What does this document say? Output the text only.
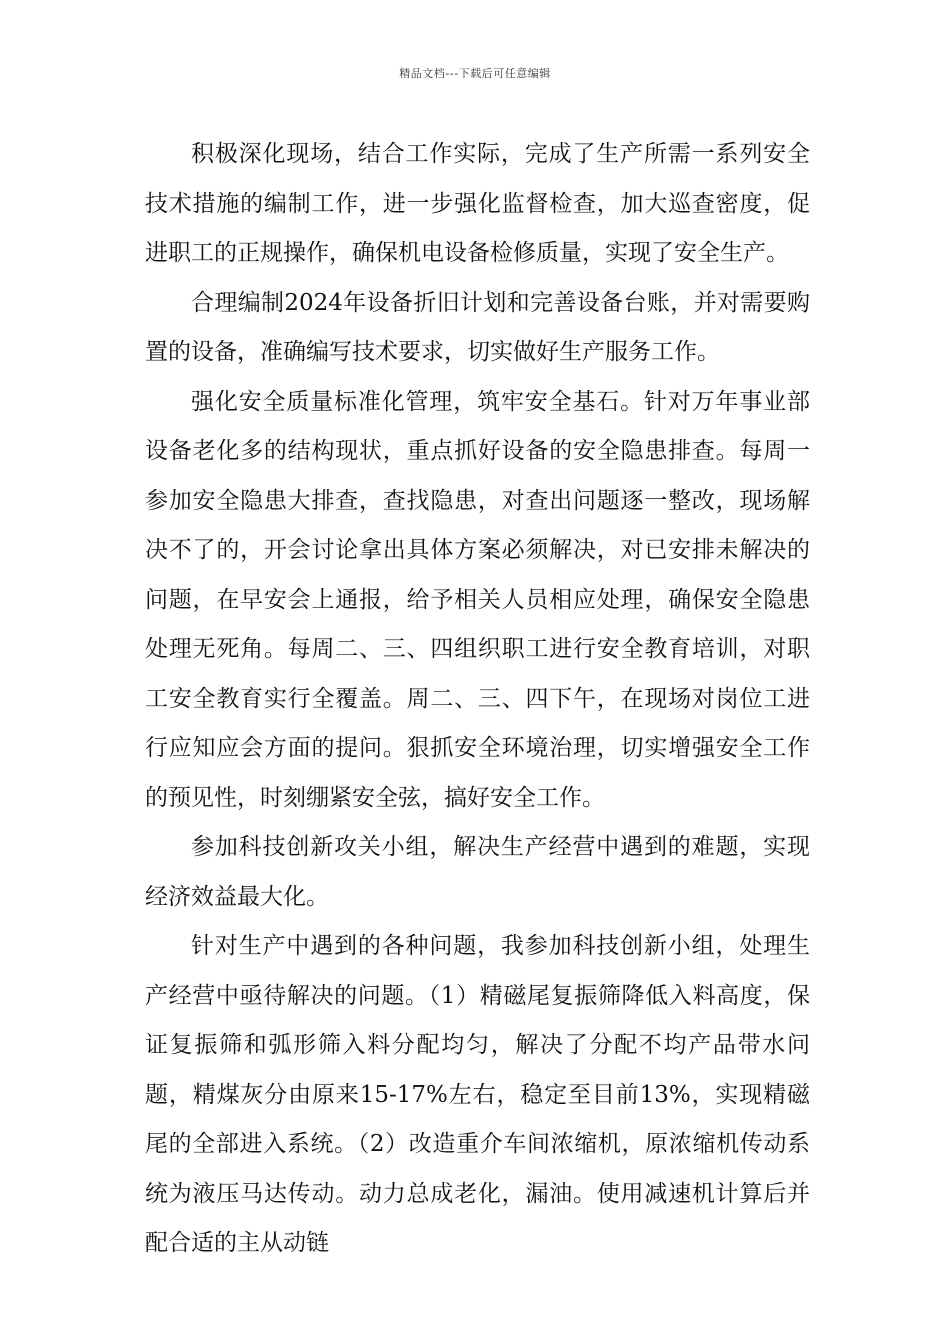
精品文档---下载后可任意编辑

积极深化现场，结合工作实际，完成了生产所需一系列安全技术措施的编制工作，进一步强化监督检查，加大巡查密度，促进职工的正规操作，确保机电设备检修质量，实现了安全生产。

合理编制2024年设备折旧计划和完善设备台账，并对需要购置的设备，准确编写技术要求，切实做好生产服务工作。

强化安全质量标准化管理，筑牢安全基石。针对万年事业部设备老化多的结构现状，重点抓好设备的安全隐患排查。每周一参加安全隐患大排查，查找隐患，对查出问题逐一整改，现场解决不了的，开会讨论拿出具体方案必须解决，对已安排未解决的问题，在早安会上通报，给予相关人员相应处理，确保安全隐患处理无死角。每周二、三、四组织职工进行安全教育培训，对职工安全教育实行全覆盖。周二、三、四下午，在现场对岗位工进行应知应会方面的提问。狠抓安全环境治理，切实增强安全工作的预见性，时刻绷紧安全弦，搞好安全工作。

参加科技创新攻关小组，解决生产经营中遇到的难题，实现经济效益最大化。

针对生产中遇到的各种问题，我参加科技创新小组，处理生产经营中亟待解决的问题。（1）精磁尾复振筛降低入料高度，保证复振筛和弧形筛入料分配均匀，解决了分配不均产品带水问题，精煤灰分由原来15-17%左右，稳定至目前13%，实现精磁尾的全部进入系统。（2）改造重介车间浓缩机，原浓缩机传动系统为液压马达传动。动力总成老化，漏油。使用减速机计算后并配合适的主从动链
